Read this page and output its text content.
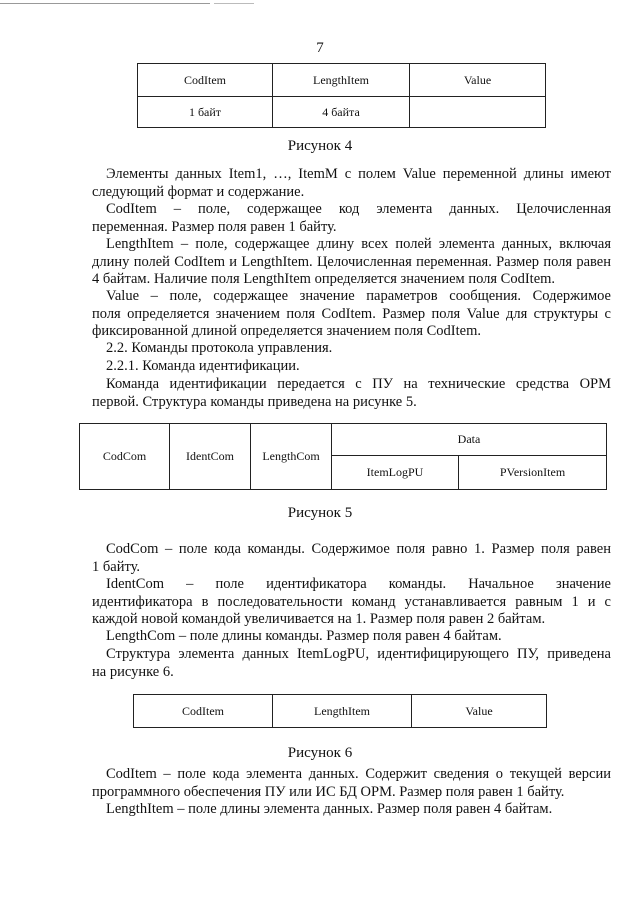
7
CodItem	LengthItem	Value
1 байт	4 байта	
Рисунок 4
Элементы данных Item1, …, ItemM с полем Value переменной длины имеют
следующий формат и содержание.
CodItem – поле, содержащее код элемента данных. Целочисленная
переменная. Размер поля равен 1 байту.
LengthItem – поле, содержащее длину всех полей элемента данных, включая
длину полей CodItem и LengthItem. Целочисленная переменная. Размер поля равен
4 байтам. Наличие поля LengthItem определяется значением поля CodItem.
Value – поле, содержащее значение параметров сообщения. Содержимое
поля определяется значением поля CodItem. Размер поля Value для структуры с
фиксированной длиной определяется значением поля CodItem.
2.2. Команды протокола управления.
2.2.1. Команда идентификации.
Команда идентификации передается с ПУ на технические средства ОРМ
первой. Структура команды приведена на рисунке 5.
CodCom	IdentCom	LengthCom	Data	
			ItemLogPU	PVersionItem
Рисунок 5
CodCom – поле кода команды. Содержимое поля равно 1. Размер поля равен
1 байту.
IdentCom – поле идентификатора команды. Начальное значение
идентификатора в последовательности команд устанавливается равным 1 и с
каждой новой командой увеличивается на 1. Размер поля равен 2 байтам.
LengthCom – поле длины команды. Размер поля равен 4 байтам.
Структура элемента данных ItemLogPU, идентифицирующего ПУ, приведена
на рисунке 6.
CodItem	LengthItem	Value
Рисунок 6
CodItem – поле кода элемента данных. Содержит сведения о текущей версии
программного обеспечения ПУ или ИС БД ОРМ. Размер поля равен 1 байту.
LengthItem – поле длины элемента данных. Размер поля равен 4 байтам.
